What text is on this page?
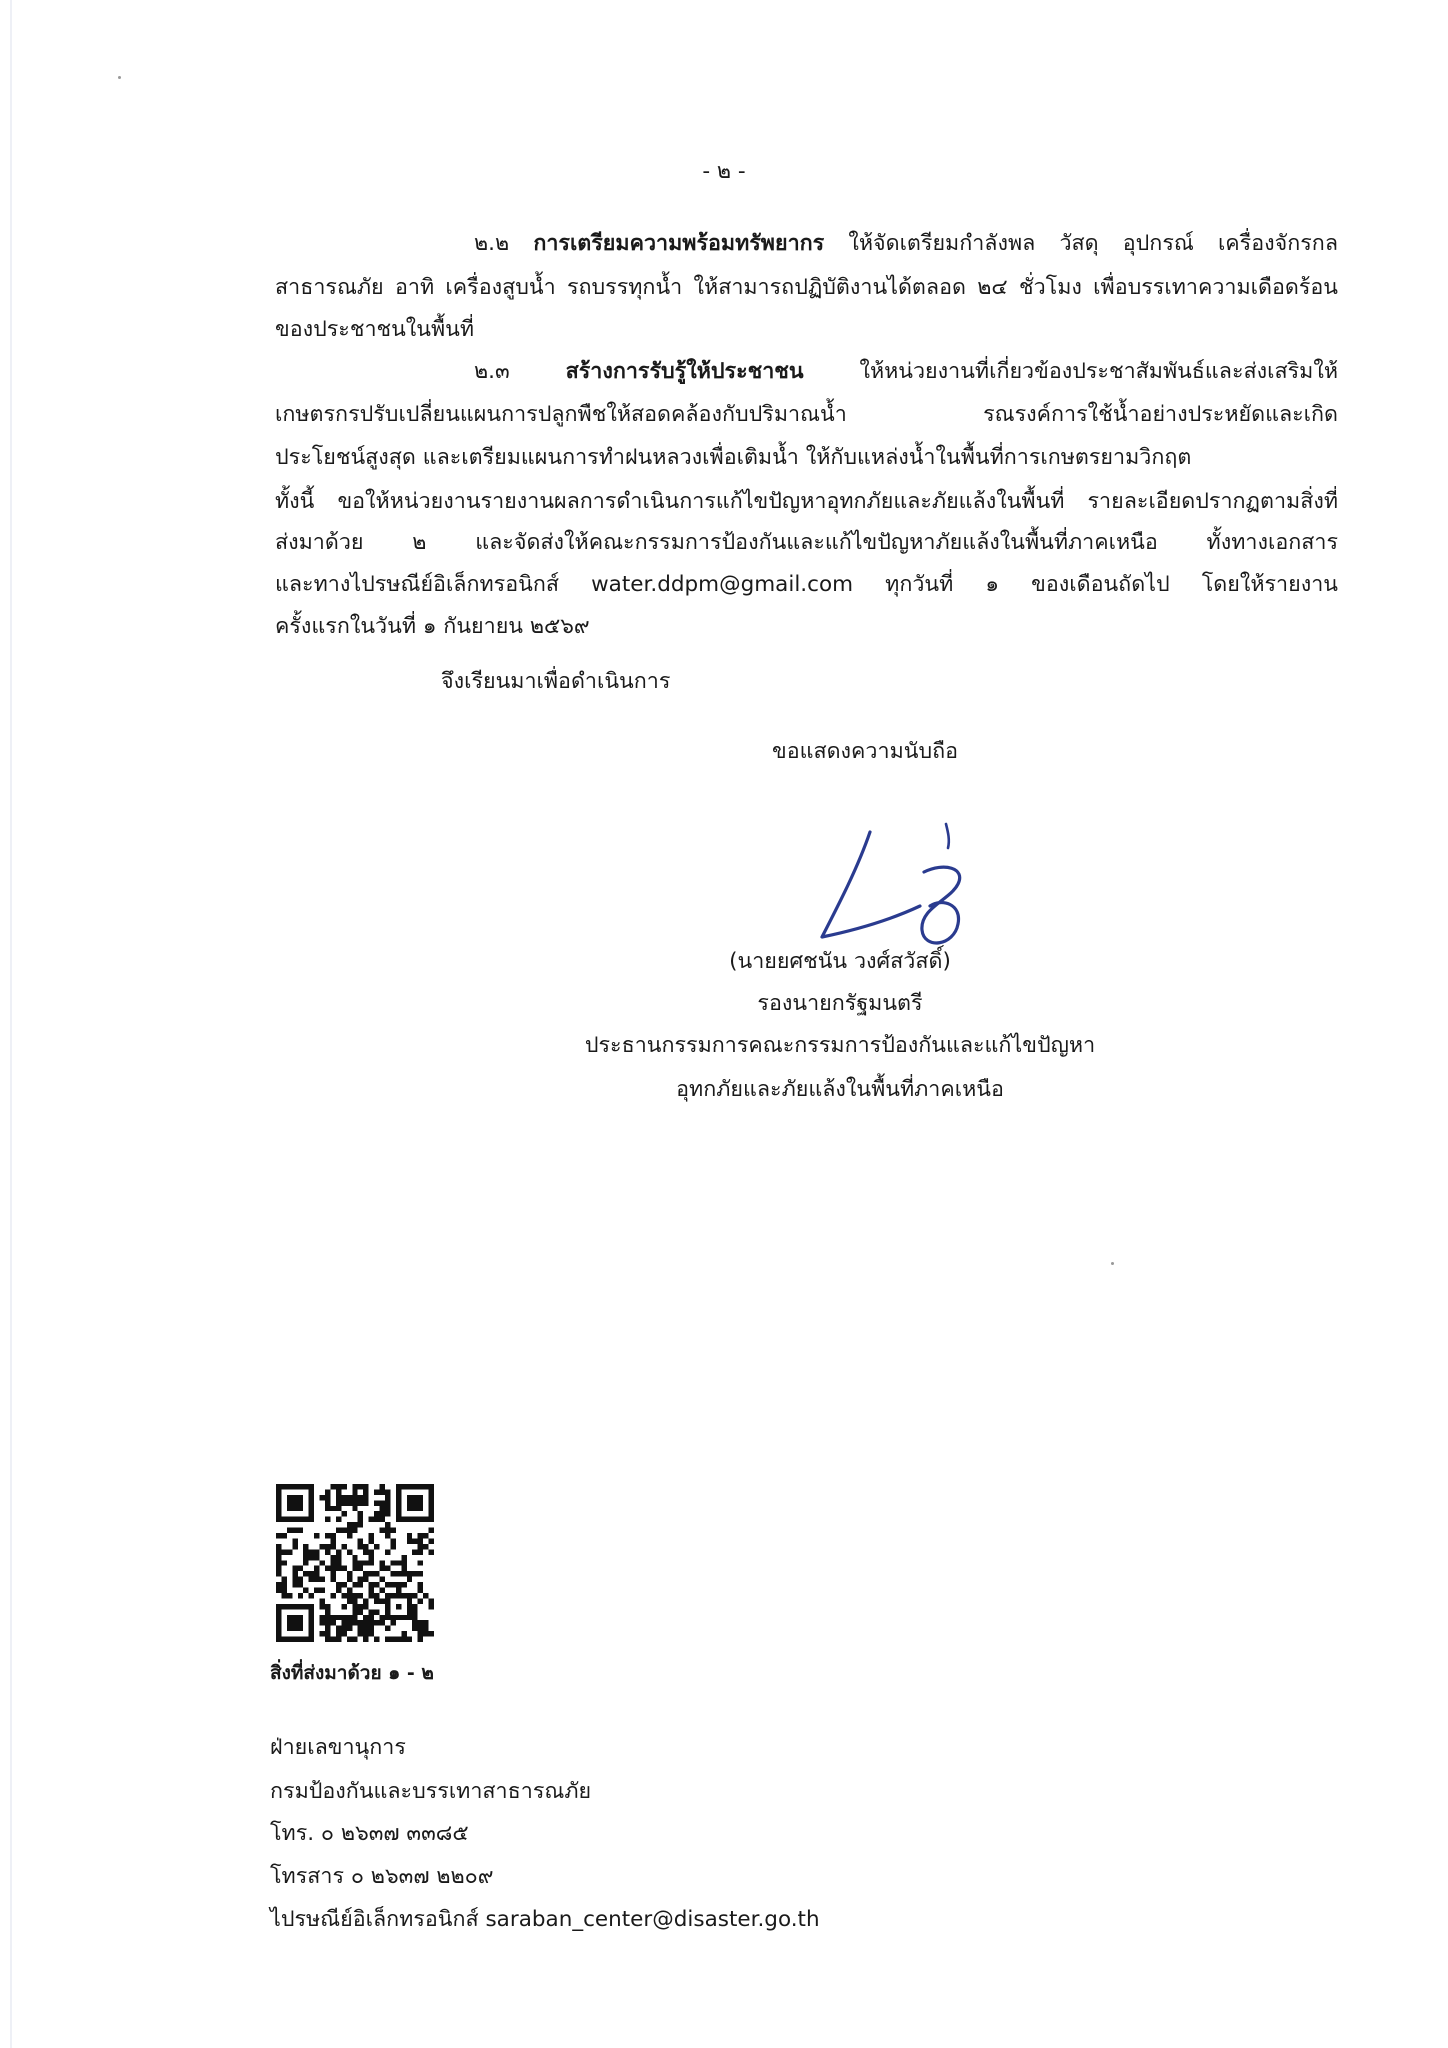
- ๒ -
๒.๒ การเตรียมความพร้อมทรัพยากร ให้จัดเตรียมกำลังพล วัสดุ อุปกรณ์ เครื่องจักรกล
สาธารณภัย อาทิ เครื่องสูบน้ำ รถบรรทุกน้ำ ให้สามารถปฏิบัติงานได้ตลอด ๒๔ ชั่วโมง เพื่อบรรเทาความเดือดร้อน
ของประชาชนในพื้นที่
๒.๓ สร้างการรับรู้ให้ประชาชน ให้หน่วยงานที่เกี่ยวข้องประชาสัมพันธ์และส่งเสริมให้
เกษตรกรปรับเปลี่ยนแผนการปลูกพืชให้สอดคล้องกับปริมาณน้ำ รณรงค์การใช้น้ำอย่างประหยัดและเกิด
ประโยชน์สูงสุด และเตรียมแผนการทำฝนหลวงเพื่อเติมน้ำ ให้กับแหล่งน้ำในพื้นที่การเกษตรยามวิกฤต
ทั้งนี้ ขอให้หน่วยงานรายงานผลการดำเนินการแก้ไขปัญหาอุทกภัยและภัยแล้งในพื้นที่ รายละเอียดปรากฏตามสิ่งที่
ส่งมาด้วย ๒ และจัดส่งให้คณะกรรมการป้องกันและแก้ไขปัญหาภัยแล้งในพื้นที่ภาคเหนือ ทั้งทางเอกสาร
และทางไปรษณีย์อิเล็กทรอนิกส์ water.ddpm@gmail.com ทุกวันที่ ๑ ของเดือนถัดไป โดยให้รายงาน
ครั้งแรกในวันที่ ๑ กันยายน ๒๕๖๙
จึงเรียนมาเพื่อดำเนินการ
ขอแสดงความนับถือ
(นายยศชนัน วงศ์สวัสดิ์)
รองนายกรัฐมนตรี
ประธานกรรมการคณะกรรมการป้องกันและแก้ไขปัญหา
อุทกภัยและภัยแล้งในพื้นที่ภาคเหนือ
สิ่งที่ส่งมาด้วย ๑ - ๒
ฝ่ายเลขานุการ
กรมป้องกันและบรรเทาสาธารณภัย
โทร. ๐ ๒๖๓๗ ๓๓๘๕
โทรสาร ๐ ๒๖๓๗ ๒๒๐๙
ไปรษณีย์อิเล็กทรอนิกส์ saraban_center@disaster.go.th
